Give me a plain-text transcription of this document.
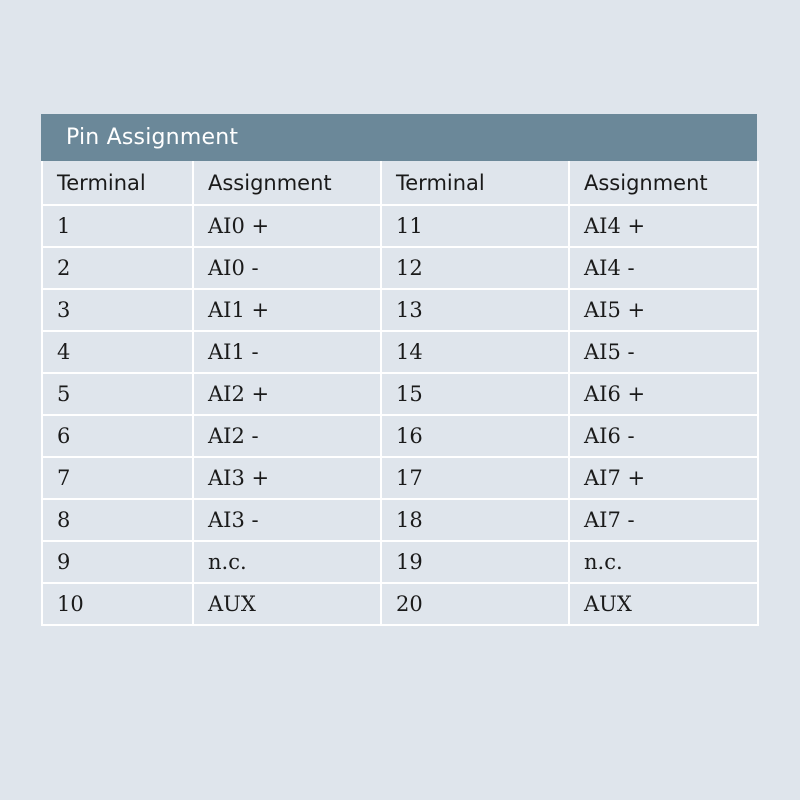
Pin Assignment
Terminal	Assignment	Terminal	Assignment
1	AI0 +	11	AI4 +
2	AI0 -	12	AI4 -
3	AI1 +	13	AI5 +
4	AI1 -	14	AI5 -
5	AI2 +	15	AI6 +
6	AI2 -	16	AI6 -
7	AI3 +	17	AI7 +
8	AI3 -	18	AI7 -
9	n.c.	19	n.c.
10	AUX	20	AUX
